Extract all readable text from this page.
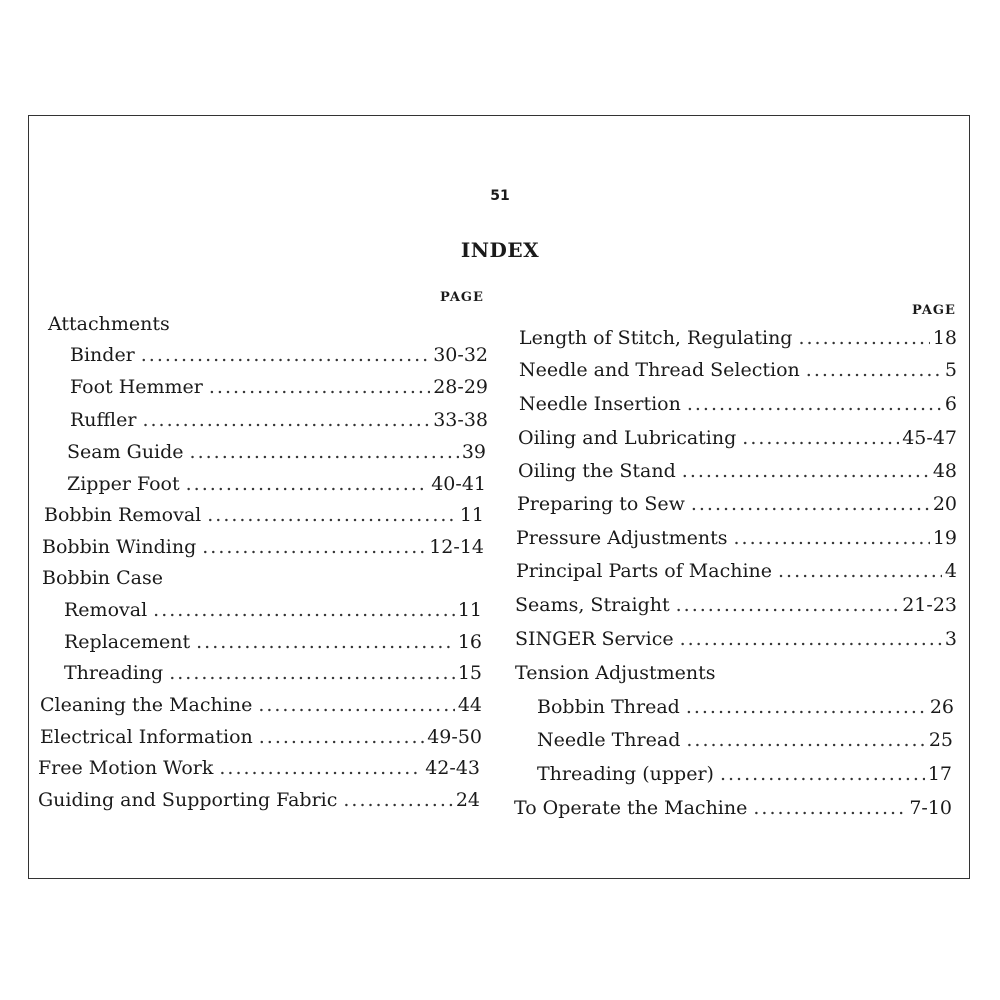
51
INDEX
PAGE
PAGE
Attachments
Binder .....	30-32
Foot Hemmer .....	28-29
Ruffler .....	33-38
Seam Guide .....	39
Zipper Foot .....	40-41
Bobbin Removal .....	11
Bobbin Winding .....	12-14
Bobbin Case
Removal .....	11
Replacement .....	16
Threading .....	15
Cleaning the Machine .....	44
Electrical Information .....	49-50
Free Motion Work .....	42-43
Guiding and Supporting Fabric .....	24
Length of Stitch, Regulating .....	18
Needle and Thread Selection .....	5
Needle Insertion .....	6
Oiling and Lubricating .....	45-47
Oiling the Stand .....	48
Preparing to Sew .....	20
Pressure Adjustments .....	19
Principal Parts of Machine .....	4
Seams, Straight .....	21-23
SINGER Service .....	3
Tension Adjustments
Bobbin Thread .....	26
Needle Thread .....	25
Threading (upper) .....	17
To Operate the Machine .....	7-10
